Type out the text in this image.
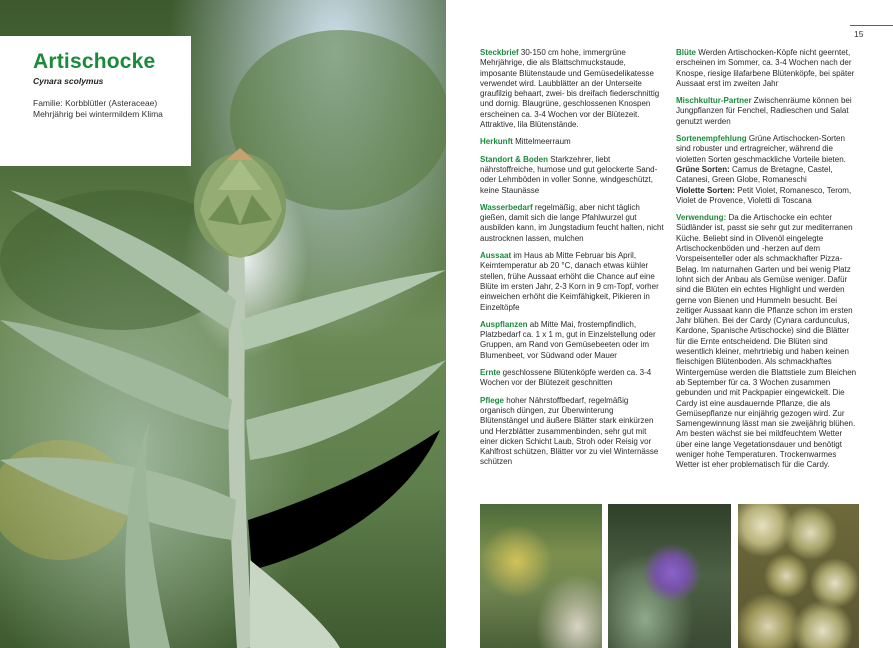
Artischocke
Cynara scolymus
Familie: Korbblütler (Asteraceae)
Mehrjährig bei wintermildem Klima
15
Steckbrief 30-150 cm hohe, immergrüne Mehrjährige, die als Blattschmuckstaude, imposante Blütenstaude und Gemüsedelikatesse verwendet wird. Laubblätter an der Unterseite graufilzig behaart, zwei- bis dreifach fiederschnittig und dornig. Blaugrüne, geschlossenen Knospen erscheinen ca. 3-4 Wochen vor der Blütezeit. Attraktive, lila Blütenstände.
Herkunft Mittelmeerraum
Standort & Boden Starkzehrer, liebt nährstoffreiche, humose und gut gelockerte Sand- oder Lehmböden in voller Sonne, windgeschützt, keine Staunässe
Wasserbedarf regelmäßig, aber nicht täglich gießen, damit sich die lange Pfahlwurzel gut ausbilden kann, im Jungstadium feucht halten, nicht austrocknen lassen, mulchen
Aussaat im Haus ab Mitte Februar bis April, Keimtemperatur ab 20 °C, danach etwas kühler stellen, frühe Aussaat erhöht die Chance auf eine Blüte im ersten Jahr, 2-3 Korn in 9 cm-Topf, vorher einweichen erhöht die Keimfähigkeit, Pikieren in Einzeltöpfe
Auspflanzen ab Mitte Mai, frostempfindlich, Platzbedarf ca. 1 x 1 m, gut in Einzelstellung oder Gruppen, am Rand von Gemüsebeeten oder im Blumenbeet, vor Südwand oder Mauer
Ernte geschlossene Blütenköpfe werden ca. 3-4 Wochen vor der Blütezeit geschnitten
Pflege hoher Nährstoffbedarf, regelmäßig organisch düngen, zur Überwinterung Blütenstängel und äußere Blätter stark einkürzen und Herzblätter zusammenbinden, sehr gut mit einer dicken Schicht Laub, Stroh oder Reisig vor Kahlfrost schützen, Blätter vor zu viel Winternässe schützen
Blüte Werden Artischocken-Köpfe nicht geerntet, erscheinen im Sommer, ca. 3-4 Wochen nach der Knospe, riesige lilafarbene Blütenköpfe, bei später Aussaat erst im zweiten Jahr
Mischkultur-Partner Zwischenräume können bei Jungpflanzen für Fenchel, Radieschen und Salat genutzt werden
Sortenempfehlung Grüne Artischocken-Sorten sind robuster und ertragreicher, während die violetten Sorten geschmackliche Vorteile bieten.
Grüne Sorten: Camus de Bretagne, Castel, Catanesi, Green Globe, Romaneschi
Violette Sorten: Petit Violet, Romanesco, Terom, Violet de Provence, Violetti di Toscana
Verwendung: Da die Artischocke ein echter Südländer ist, passt sie sehr gut zur mediterranen Küche. Beliebt sind in Olivenöl eingelegte Artischockenböden und -herzen auf dem Vorspeisenteller oder als schmackhafter Pizza-Belag. Im naturnahen Garten und bei wenig Platz lohnt sich der Anbau als Gemüse weniger. Dafür sind die Blüten ein echtes Highlight und werden gerne von Bienen und Hummeln besucht. Bei zeitiger Aussaat kann die Pflanze schon im ersten Jahr blühen. Bei der Cardy (Cynara cardunculus, Kardone, Spanische Artischocke) sind die Blätter für die Ernte entscheidend. Die Blüten sind wesentlich kleiner, mehrtriebig und haben keinen fleischigen Blütenboden. Als schmackhaftes Wintergemüse werden die Blattstiele zum Bleichen ab September für ca. 3 Wochen zusammen gebunden und mit Packpapier eingewickelt. Die Cardy ist eine ausdauernde Pflanze, die als Gemüsepflanze nur einjährig gezogen wird. Zur Samengewinnung lässt man sie zweijährig blühen. Am besten wächst sie bei mildfeuchtem Wetter über eine lange Vegetationsdauer und benötigt weniger hohe Temperaturen. Trockenwarmes Wetter ist eher problematisch für die Cardy.
